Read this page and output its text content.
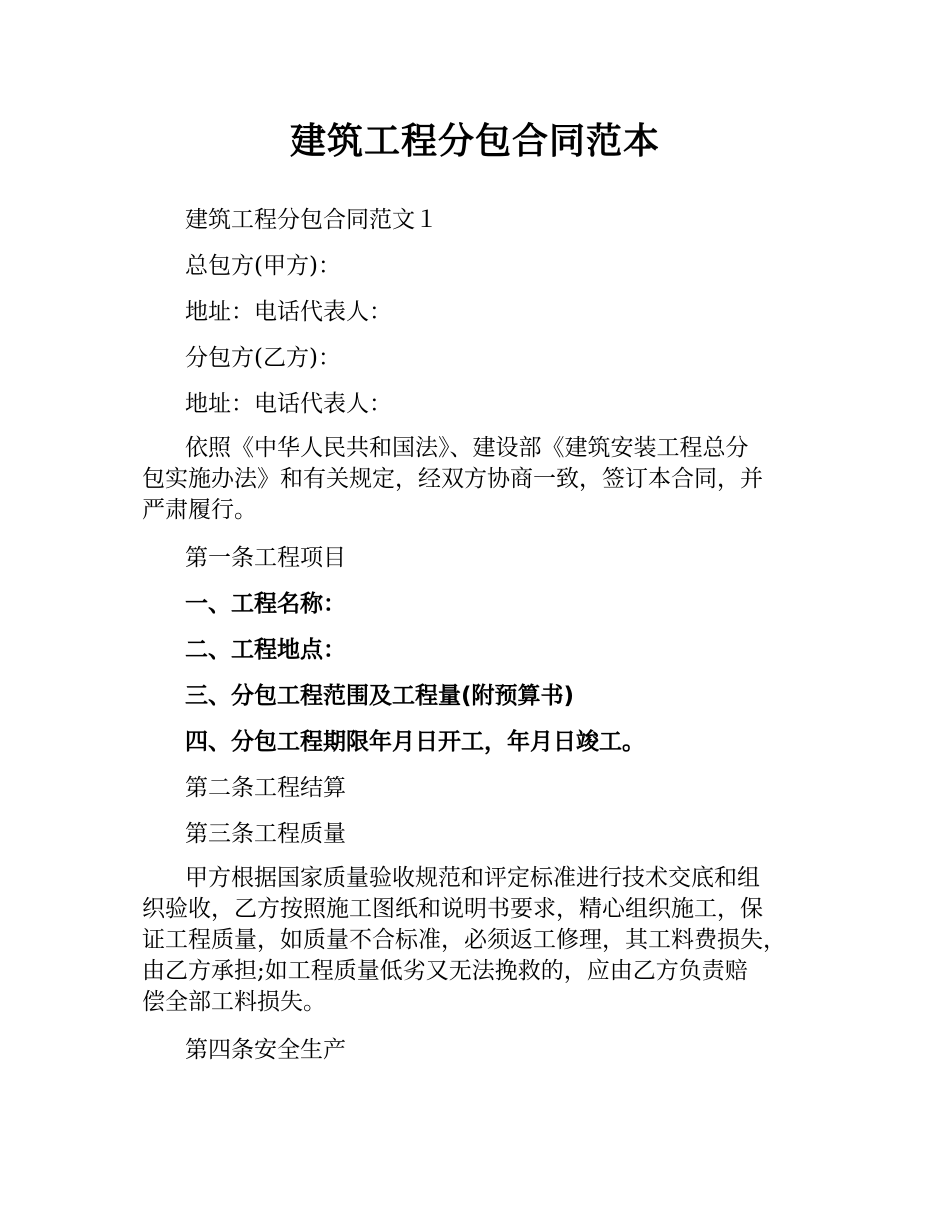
建筑工程分包合同范本

建筑工程分包合同范文１

总包方(甲方)：

地址：电话代表人：

分包方(乙方)：

地址：电话代表人：

依照《中华人民共和国法》、建设部《建筑安装工程总分
包实施办法》和有关规定，经双方协商一致，签订本合同，并
严肃履行。

第一条工程项目

一、工程名称：

二、工程地点：

三、分包工程范围及工程量(附预算书)

四、分包工程期限年月日开工，年月日竣工。

第二条工程结算

第三条工程质量

甲方根据国家质量验收规范和评定标准进行技术交底和组
织验收，乙方按照施工图纸和说明书要求，精心组织施工，保
证工程质量，如质量不合标准，必须返工修理，其工料费损失，
由乙方承担;如工程质量低劣又无法挽救的，应由乙方负责赔
偿全部工料损失。

第四条安全生产
